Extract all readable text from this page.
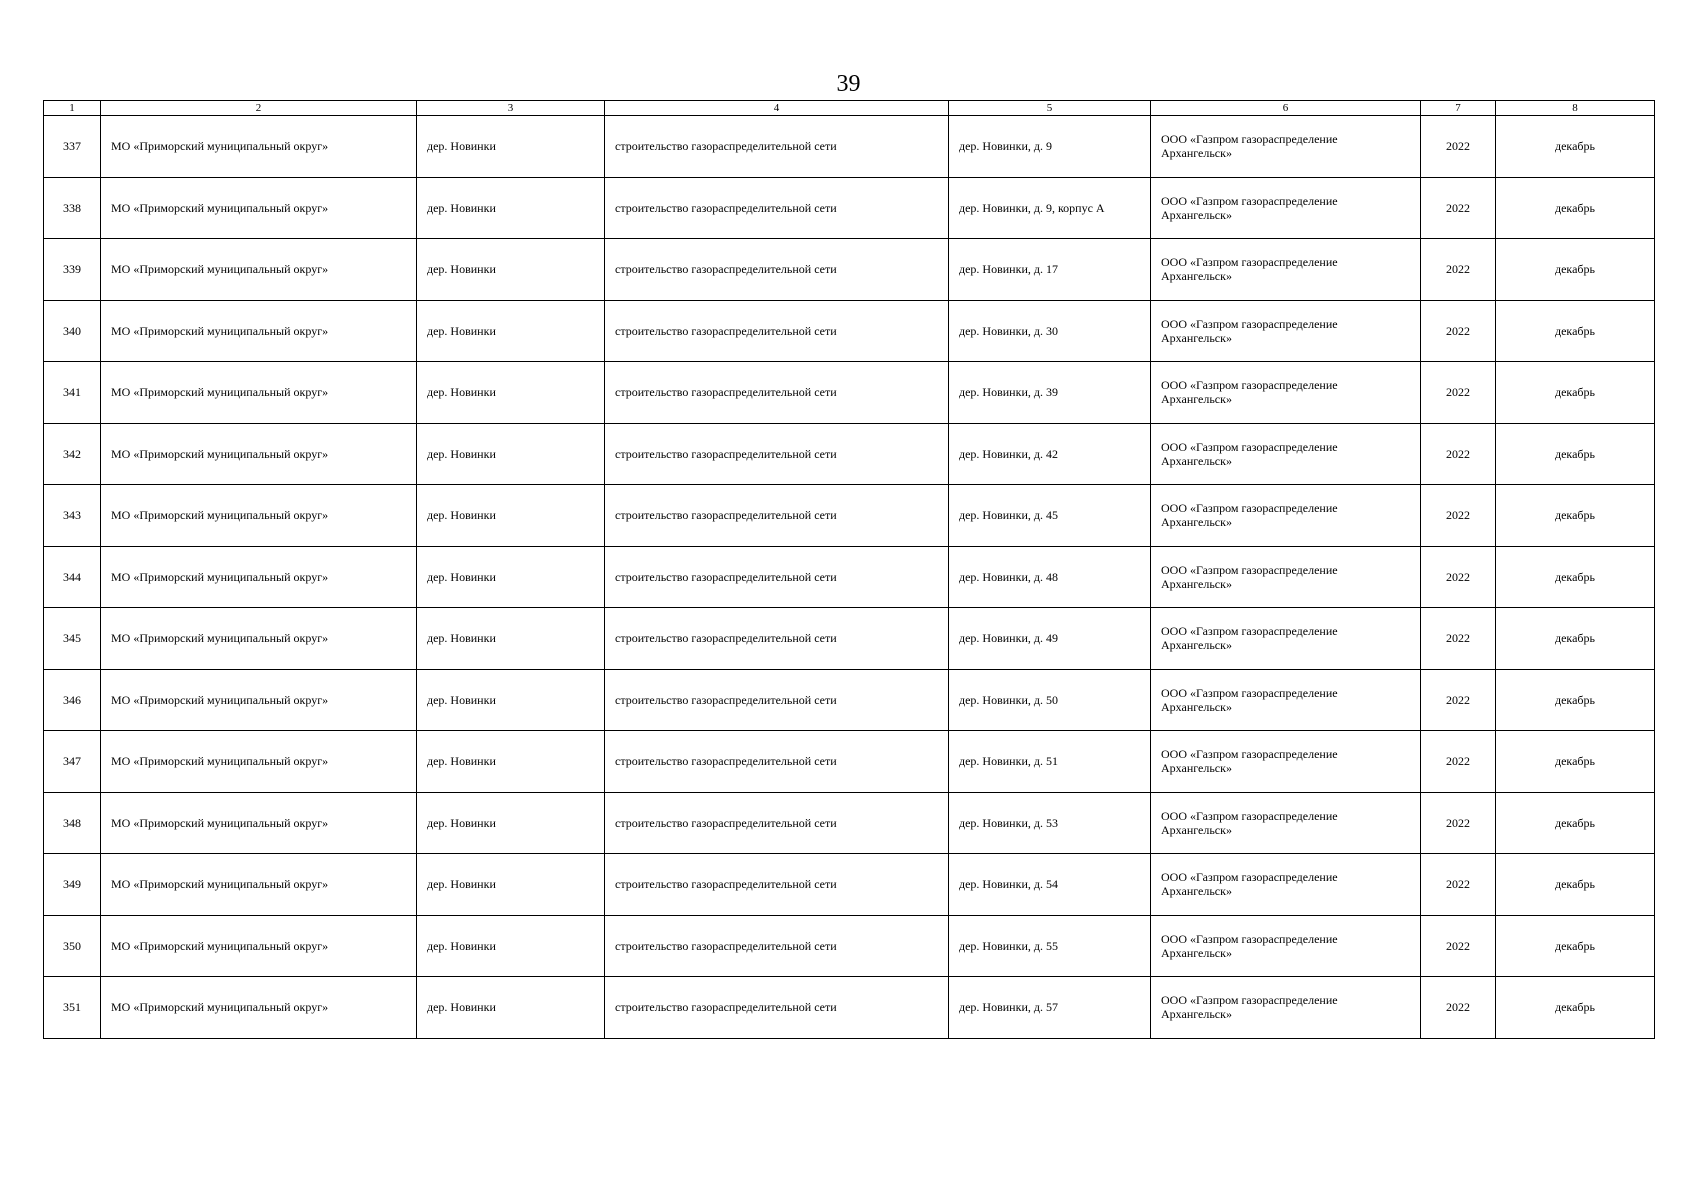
39
1	2	3	4	5	6	7	8
337	МО «Приморский муниципальный округ»	дер. Новинки	строительство газораспределительной сети	дер. Новинки, д. 9	ООО «Газпром газораспределение Архангельск»	2022	декабрь
338	МО «Приморский муниципальный округ»	дер. Новинки	строительство газораспределительной сети	дер. Новинки, д. 9, корпус А	ООО «Газпром газораспределение Архангельск»	2022	декабрь
339	МО «Приморский муниципальный округ»	дер. Новинки	строительство газораспределительной сети	дер. Новинки, д. 17	ООО «Газпром газораспределение Архангельск»	2022	декабрь
340	МО «Приморский муниципальный округ»	дер. Новинки	строительство газораспределительной сети	дер. Новинки, д. 30	ООО «Газпром газораспределение Архангельск»	2022	декабрь
341	МО «Приморский муниципальный округ»	дер. Новинки	строительство газораспределительной сети	дер. Новинки, д. 39	ООО «Газпром газораспределение Архангельск»	2022	декабрь
342	МО «Приморский муниципальный округ»	дер. Новинки	строительство газораспределительной сети	дер. Новинки, д. 42	ООО «Газпром газораспределение Архангельск»	2022	декабрь
343	МО «Приморский муниципальный округ»	дер. Новинки	строительство газораспределительной сети	дер. Новинки, д. 45	ООО «Газпром газораспределение Архангельск»	2022	декабрь
344	МО «Приморский муниципальный округ»	дер. Новинки	строительство газораспределительной сети	дер. Новинки, д. 48	ООО «Газпром газораспределение Архангельск»	2022	декабрь
345	МО «Приморский муниципальный округ»	дер. Новинки	строительство газораспределительной сети	дер. Новинки, д. 49	ООО «Газпром газораспределение Архангельск»	2022	декабрь
346	МО «Приморский муниципальный округ»	дер. Новинки	строительство газораспределительной сети	дер. Новинки, д. 50	ООО «Газпром газораспределение Архангельск»	2022	декабрь
347	МО «Приморский муниципальный округ»	дер. Новинки	строительство газораспределительной сети	дер. Новинки, д. 51	ООО «Газпром газораспределение Архангельск»	2022	декабрь
348	МО «Приморский муниципальный округ»	дер. Новинки	строительство газораспределительной сети	дер. Новинки, д. 53	ООО «Газпром газораспределение Архангельск»	2022	декабрь
349	МО «Приморский муниципальный округ»	дер. Новинки	строительство газораспределительной сети	дер. Новинки, д. 54	ООО «Газпром газораспределение Архангельск»	2022	декабрь
350	МО «Приморский муниципальный округ»	дер. Новинки	строительство газораспределительной сети	дер. Новинки, д. 55	ООО «Газпром газораспределение Архангельск»	2022	декабрь
351	МО «Приморский муниципальный округ»	дер. Новинки	строительство газораспределительной сети	дер. Новинки, д. 57	ООО «Газпром газораспределение Архангельск»	2022	декабрь
